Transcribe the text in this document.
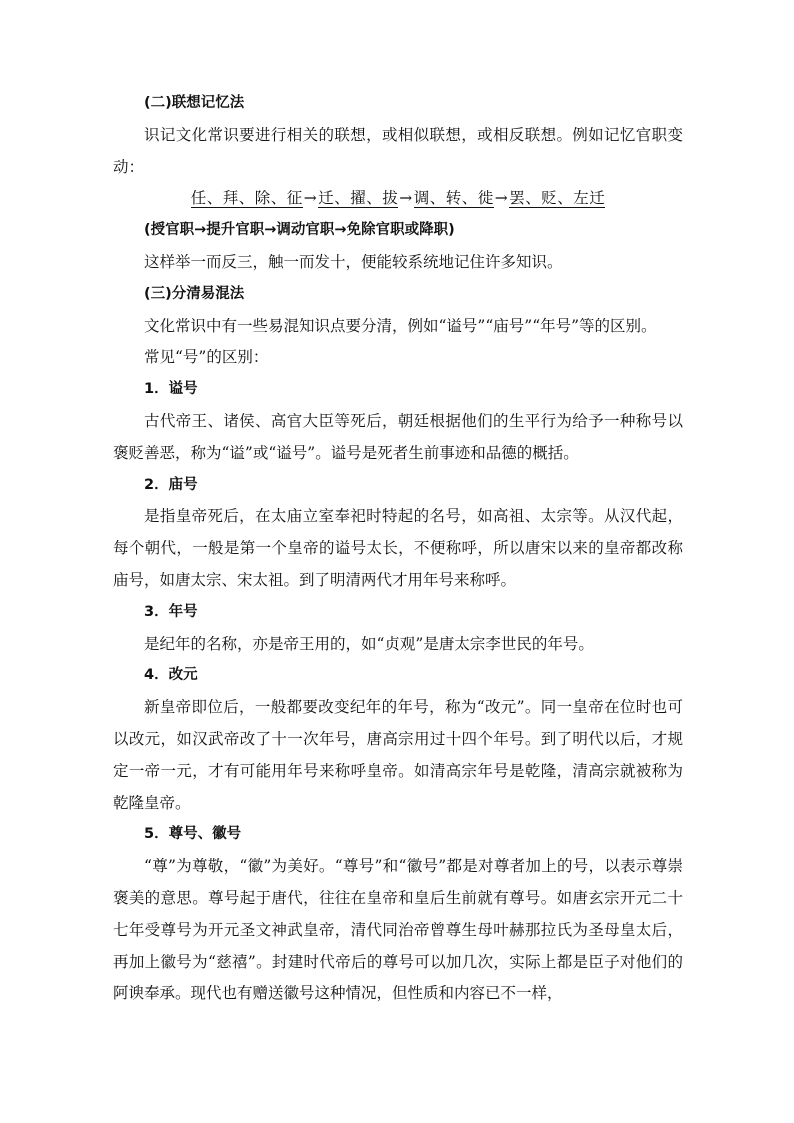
(二)联想记忆法

识记文化常识要进行相关的联想，或相似联想，或相反联想。例如记忆官职变动：

任、拜、除、征→迁、擢、拔→调、转、徙→罢、贬、左迁

(授官职→提升官职→调动官职→免除官职或降职)

这样举一而反三，触一而发十，便能较系统地记住许多知识。

(三)分清易混法

文化常识中有一些易混知识点要分清，例如“谥号”“庙号”“年号”等的区别。

常见“号”的区别：

1．谥号

古代帝王、诸侯、高官大臣等死后，朝廷根据他们的生平行为给予一种称号以褒贬善恶，称为“谥”或“谥号”。谥号是死者生前事迹和品德的概括。

2．庙号

是指皇帝死后，在太庙立室奉祀时特起的名号，如高祖、太宗等。从汉代起，每个朝代，一般是第一个皇帝的谥号太长，不便称呼，所以唐宋以来的皇帝都改称庙号，如唐太宗、宋太祖。到了明清两代才用年号来称呼。

3．年号

是纪年的名称，亦是帝王用的，如“贞观”是唐太宗李世民的年号。

4．改元

新皇帝即位后，一般都要改变纪年的年号，称为“改元”。同一皇帝在位时也可以改元，如汉武帝改了十一次年号，唐高宗用过十四个年号。到了明代以后，才规定一帝一元，才有可能用年号来称呼皇帝。如清高宗年号是乾隆，清高宗就被称为乾隆皇帝。

5．尊号、徽号

“尊”为尊敬，“徽”为美好。“尊号”和“徽号”都是对尊者加上的号，以表示尊崇褒美的意思。尊号起于唐代，往往在皇帝和皇后生前就有尊号。如唐玄宗开元二十七年受尊号为开元圣文神武皇帝，清代同治帝曾尊生母叶赫那拉氏为圣母皇太后，再加上徽号为“慈禧”。封建时代帝后的尊号可以加几次，实际上都是臣子对他们的阿谀奉承。现代也有赠送徽号这种情况，但性质和内容已不一样，
